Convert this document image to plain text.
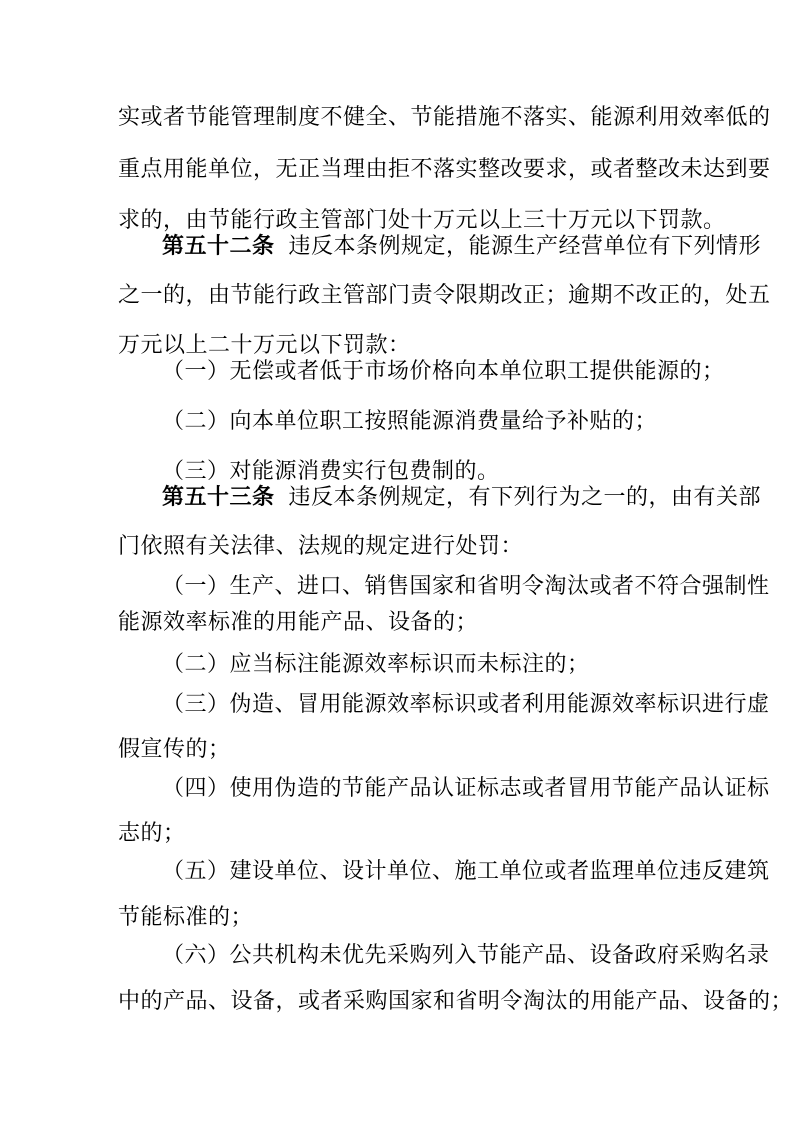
实或者节能管理制度不健全、节能措施不落实、能源利用效率低的
重点用能单位，无正当理由拒不落实整改要求，或者整改未达到要
求的，由节能行政主管部门处十万元以上三十万元以下罚款。
第五十二条 违反本条例规定，能源生产经营单位有下列情形
之一的，由节能行政主管部门责令限期改正；逾期不改正的，处五
万元以上二十万元以下罚款：
（一）无偿或者低于市场价格向本单位职工提供能源的；
（二）向本单位职工按照能源消费量给予补贴的；
（三）对能源消费实行包费制的。
第五十三条 违反本条例规定，有下列行为之一的，由有关部
门依照有关法律、法规的规定进行处罚：
（一）生产、进口、销售国家和省明令淘汰或者不符合强制性
能源效率标准的用能产品、设备的；
（二）应当标注能源效率标识而未标注的；
（三）伪造、冒用能源效率标识或者利用能源效率标识进行虚
假宣传的；
（四）使用伪造的节能产品认证标志或者冒用节能产品认证标
志的；
（五）建设单位、设计单位、施工单位或者监理单位违反建筑
节能标准的；
（六）公共机构未优先采购列入节能产品、设备政府采购名录
中的产品、设备，或者采购国家和省明令淘汰的用能产品、设备的；
